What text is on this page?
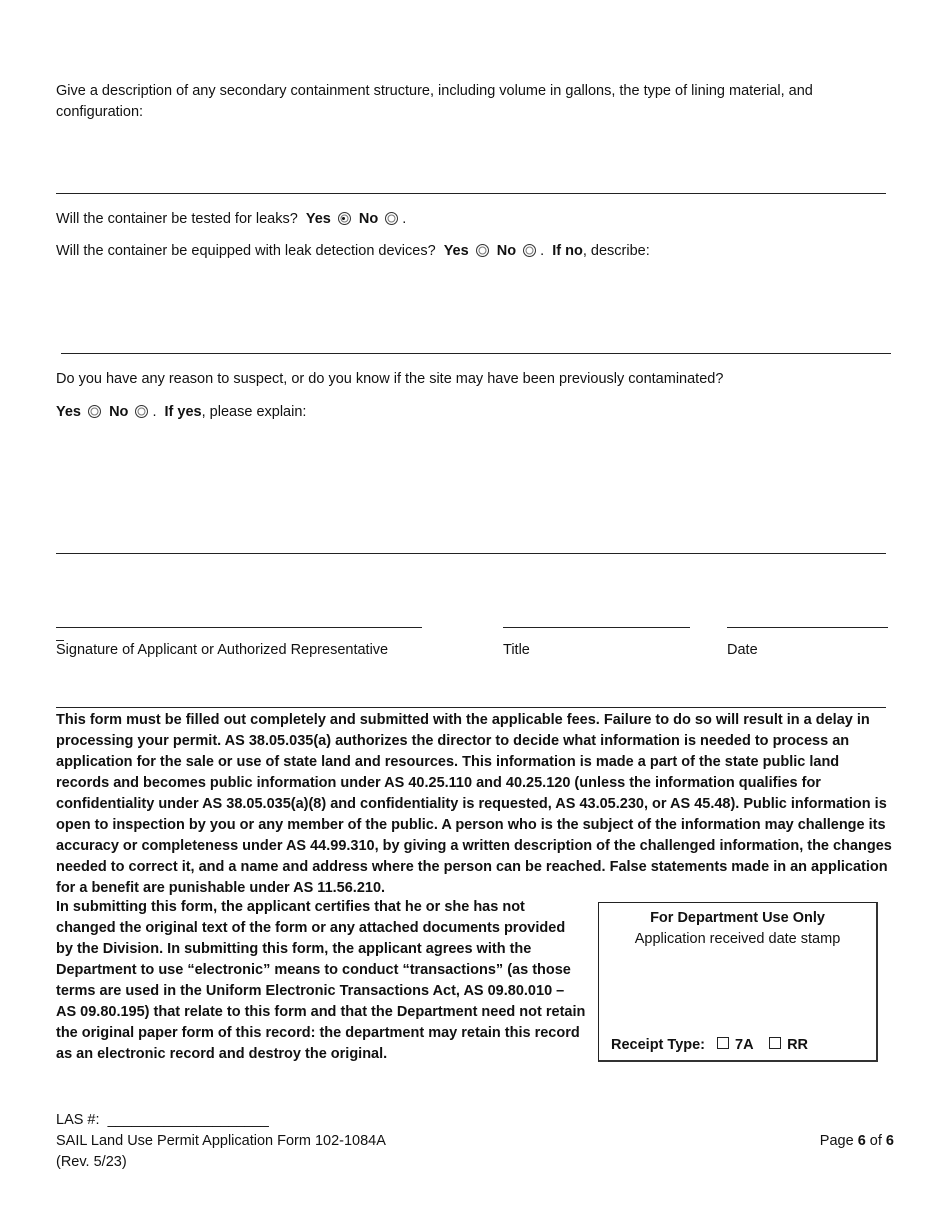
Give a description of any secondary containment structure, including volume in gallons, the type of lining material, and configuration:
Will the container be tested for leaks? Yes No .
Will the container be equipped with leak detection devices? Yes No .  If no, describe:
Do you have any reason to suspect, or do you know if the site may have been previously contaminated?
Yes No .  If yes, please explain:
Signature of Applicant or Authorized Representative	Title	Date
This form must be filled out completely and submitted with the applicable fees. Failure to do so will result in a delay in processing your permit. AS 38.05.035(a) authorizes the director to decide what information is needed to process an application for the sale or use of state land and resources. This information is made a part of the state public land records and becomes public information under AS 40.25.110 and 40.25.120 (unless the information qualifies for confidentiality under AS 38.05.035(a)(8) and confidentiality is requested, AS 43.05.230, or AS 45.48). Public information is open to inspection by you or any member of the public. A person who is the subject of the information may challenge its accuracy or completeness under AS 44.99.310, by giving a written description of the challenged information, the changes needed to correct it, and a name and address where the person can be reached. False statements made in an application for a benefit are punishable under AS 11.56.210.
In submitting this form, the applicant certifies that he or she has not changed the original text of the form or any attached documents provided by the Division. In submitting this form, the applicant agrees with the Department to use “electronic” means to conduct “transactions” (as those terms are used in the Uniform Electronic Transactions Act, AS 09.80.010 – AS 09.80.195) that relate to this form and that the Department need not retain the original paper form of this record: the department may retain this record as an electronic record and destroy the original.
For Department Use Only
Application received date stamp
Receipt Type: 7A RR
LAS #: ____________________
SAIL Land Use Permit Application Form 102-1084A
(Rev. 5/23)
Page 6 of 6
